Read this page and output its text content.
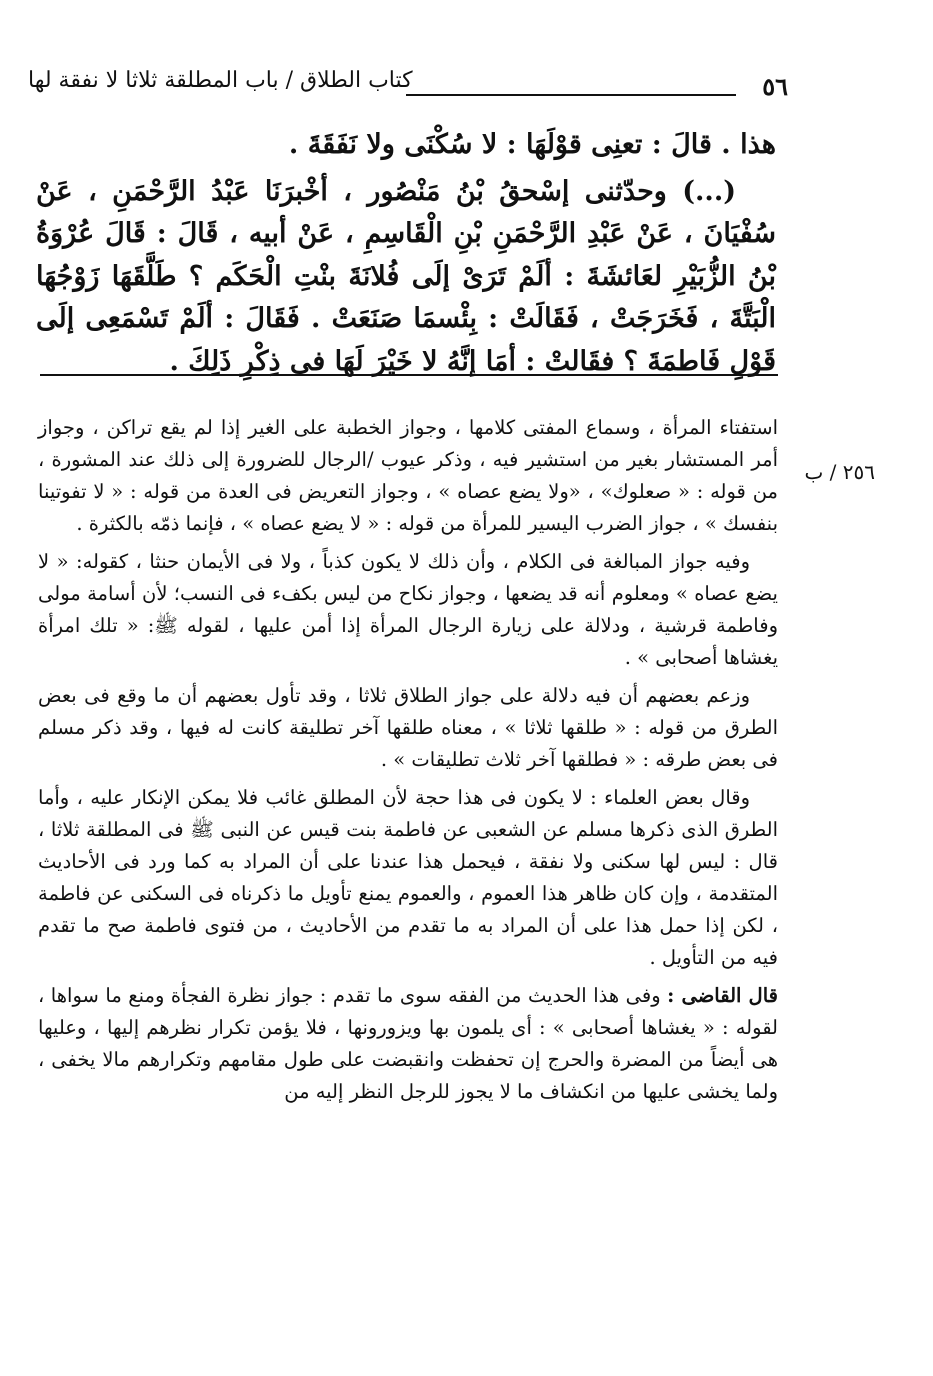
٥٦
كتاب الطلاق / باب المطلقة ثلاثا لا نفقة لها

هذا . قالَ : تعنِى قوْلَهَا : لا سُكْنَى ولا نَفَقَةَ .

(...) وحدّثنى إسْحقُ بْنُ مَنْصُور ، أخْبرَنَا عَبْدُ الرَّحْمَنِ ، عَنْ سُفْيَانَ ، عَنْ عَبْدِ الرَّحْمَنِ بْنِ الْقَاسِمِ ، عَنْ أبيه ، قَالَ : قَالَ عُرْوَةُ بْنُ الزُّبَيْرِ لعَائشَةَ : ألَمْ تَرَىْ إلَى فُلانَةَ بنْتِ الْحَكَم ؟ طَلَّقَهَا زَوْجُهَا الْبَتَّةَ ، فَخَرَجَتْ ، فَقَالَتْ : بِئْسمَا صَنَعَتْ . فَقَالَ : ألَمْ تَسْمَعِى إلَى قَوْلِ فَاطمَةَ ؟ فقَالتْ : أمَا إنَّهُ لا خَيْرَ لَهَا فى ذِكْرِ ذَلِكَ .

٢٥٦ / ب

استفتاء المرأة ، وسماع المفتى كلامها ، وجواز الخطبة على الغير إذا لم يقع تراكن ، وجواز أمر المستشار بغير من استشير فيه ، وذكر عيوب /الرجال للضرورة إلى ذلك عند المشورة ، من قوله : « صعلوك» ، «ولا يضع عصاه » ، وجواز التعريض فى العدة من قوله : « لا تفوتينا بنفسك » ، جواز الضرب اليسير للمرأة من قوله : « لا يضع عصاه » ، فإنما ذمّه بالكثرة .

وفيه جواز المبالغة فى الكلام ، وأن ذلك لا يكون كذباً ، ولا فى الأيمان حنثا ، كقوله: « لا يضع عصاه » ومعلوم أنه قد يضعها ، وجواز نكاح من ليس بكفء فى النسب؛ لأن أسامة مولى وفاطمة قرشية ، ودلالة على زيارة الرجال المرأة إذا أمن عليها ، لقوله ﷺ: « تلك امرأة يغشاها أصحابى » .

وزعم بعضهم أن فيه دلالة على جواز الطلاق ثلاثا ، وقد تأول بعضهم أن ما وقع فى بعض الطرق من قوله : « طلقها ثلاثا » ، معناه طلقها آخر تطليقة كانت له فيها ، وقد ذكر مسلم فى بعض طرقه : « فطلقها آخر ثلاث تطليقات » .

وقال بعض العلماء : لا يكون فى هذا حجة لأن المطلق غائب فلا يمكن الإنكار عليه ، وأما الطرق الذى ذكرها مسلم عن الشعبى عن فاطمة بنت قيس عن النبى ﷺ فى المطلقة ثلاثا ، قال : ليس لها سكنى ولا نفقة ، فيحمل هذا عندنا على أن المراد به كما ورد فى الأحاديث المتقدمة ، وإن كان ظاهر هذا العموم ، والعموم يمنع تأويل ما ذكرناه فى السكنى عن فاطمة ، لكن إذا حمل هذا على أن المراد به ما تقدم من الأحاديث ، من فتوى فاطمة صح ما تقدم فيه من التأويل .

قال القاضى : وفى هذا الحديث من الفقه سوى ما تقدم : جواز نظرة الفجأة ومنع ما سواها ، لقوله : « يغشاها أصحابى » : أى يلمون بها ويزورونها ، فلا يؤمن تكرار نظرهم إليها ، وعليها هى أيضاً من المضرة والحرج إن تحفظت وانقبضت على طول مقامهم وتكرارهم مالا يخفى ، ولما يخشى عليها من انكشاف ما لا يجوز للرجل النظر إليه من
